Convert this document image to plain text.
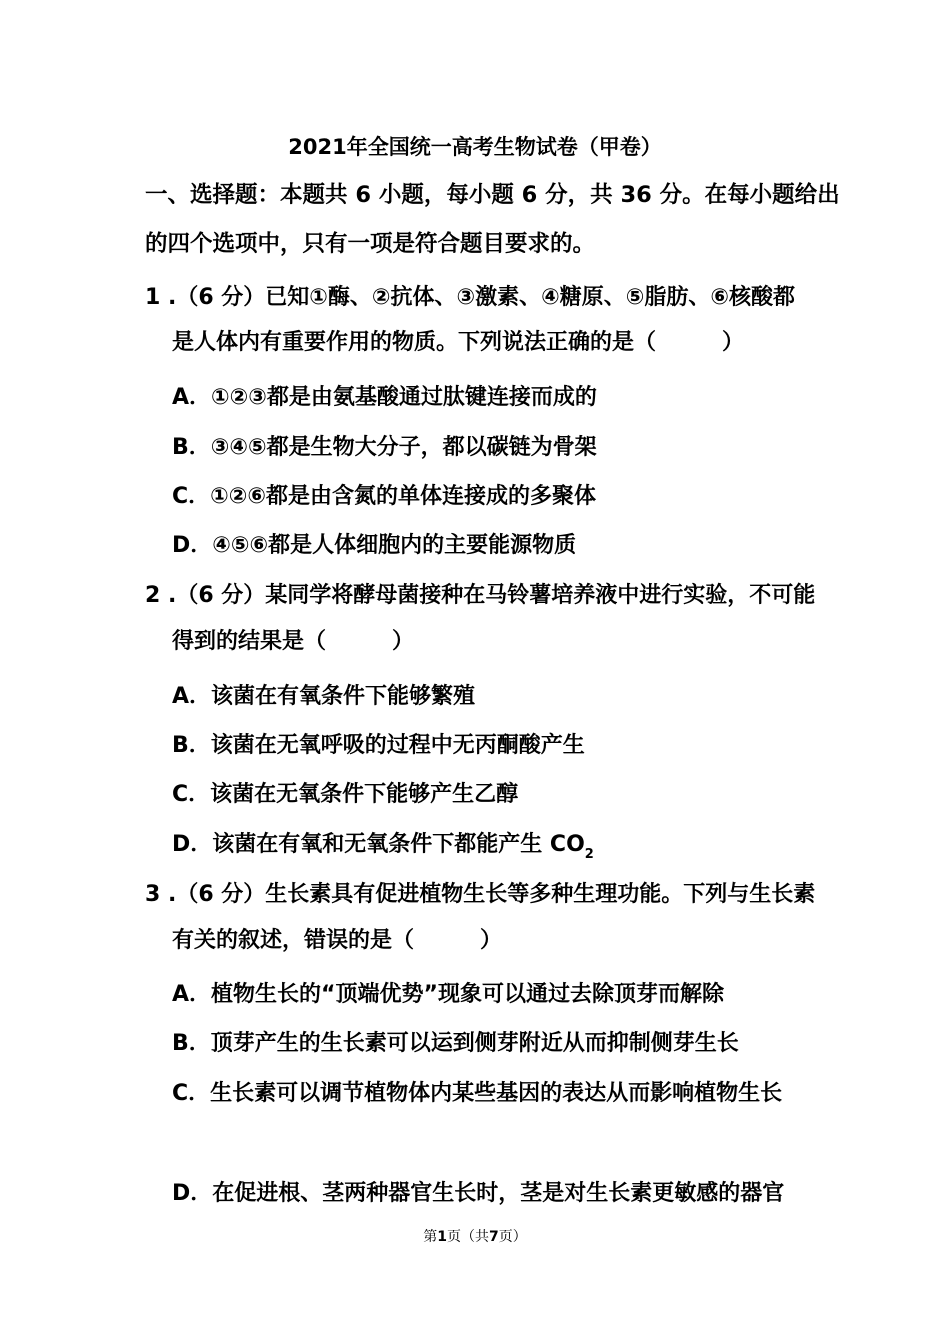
2021年全国统一高考生物试卷（甲卷）
一、选择题：本题共 6 小题，每小题 6 分，共 36 分。在每小题给出
的四个选项中，只有一项是符合题目要求的。
1 .（6 分）已知①酶、②抗体、③激素、④糖原、⑤脂肪、⑥核酸都
是人体内有重要作用的物质。下列说法正确的是（　　　）
A．①②③都是由氨基酸通过肽键连接而成的
B．③④⑤都是生物大分子，都以碳链为骨架
C．①②⑥都是由含氮的单体连接成的多聚体
D．④⑤⑥都是人体细胞内的主要能源物质
2 .（6 分）某同学将酵母菌接种在马铃薯培养液中进行实验，不可能
得到的结果是（　　　）
A．该菌在有氧条件下能够繁殖
B．该菌在无氧呼吸的过程中无丙酮酸产生
C．该菌在无氧条件下能够产生乙醇
D．该菌在有氧和无氧条件下都能产生 $CO_2$
3 .（6 分）生长素具有促进植物生长等多种生理功能。下列与生长素
有关的叙述，错误的是（　　　）
A．植物生长的“顶端优势”现象可以通过去除顶芽而解除
B．顶芽产生的生长素可以运到侧芽附近从而抑制侧芽生长
C．生长素可以调节植物体内某些基因的表达从而影响植物生长
D．在促进根、茎两种器官生长时，茎是对生长素更敏感的器官
第1页（共7页）
